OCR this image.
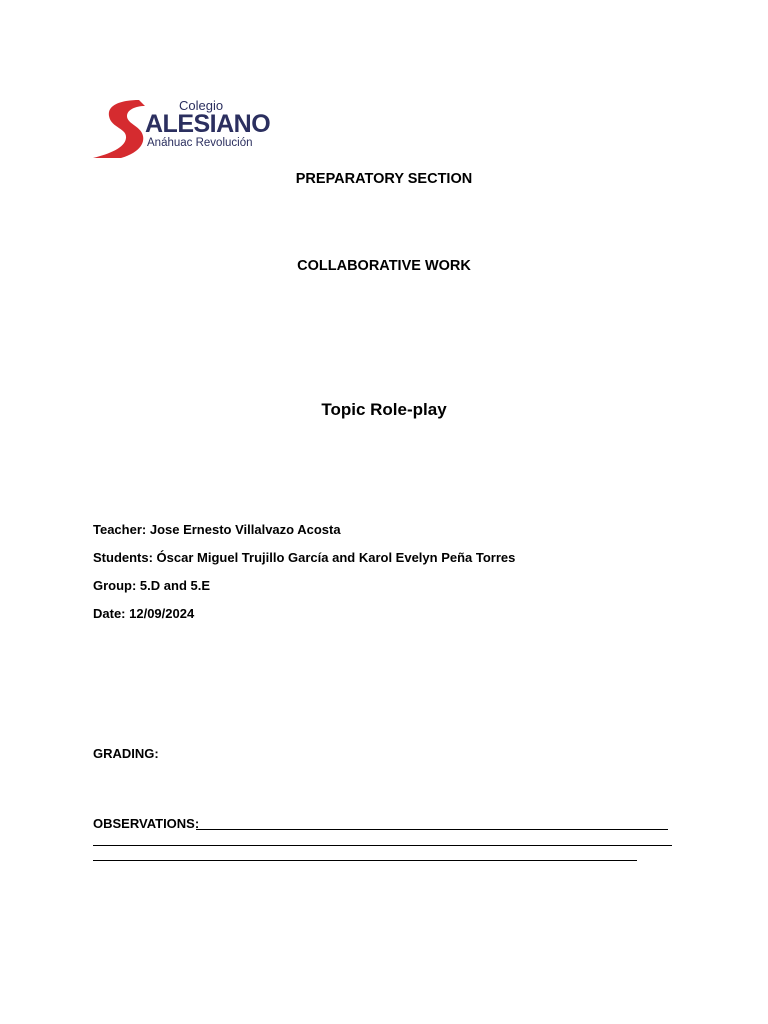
Colegio
ALESIANO
Anáhuac Revolución
PREPARATORY SECTION
COLLABORATIVE WORK
Topic Role-play
Teacher: Jose Ernesto Villalvazo Acosta
Students: Óscar Miguel Trujillo García and Karol Evelyn Peña Torres
Group: 5.D and 5.E
Date: 12/09/2024
GRADING:
OBSERVATIONS:
